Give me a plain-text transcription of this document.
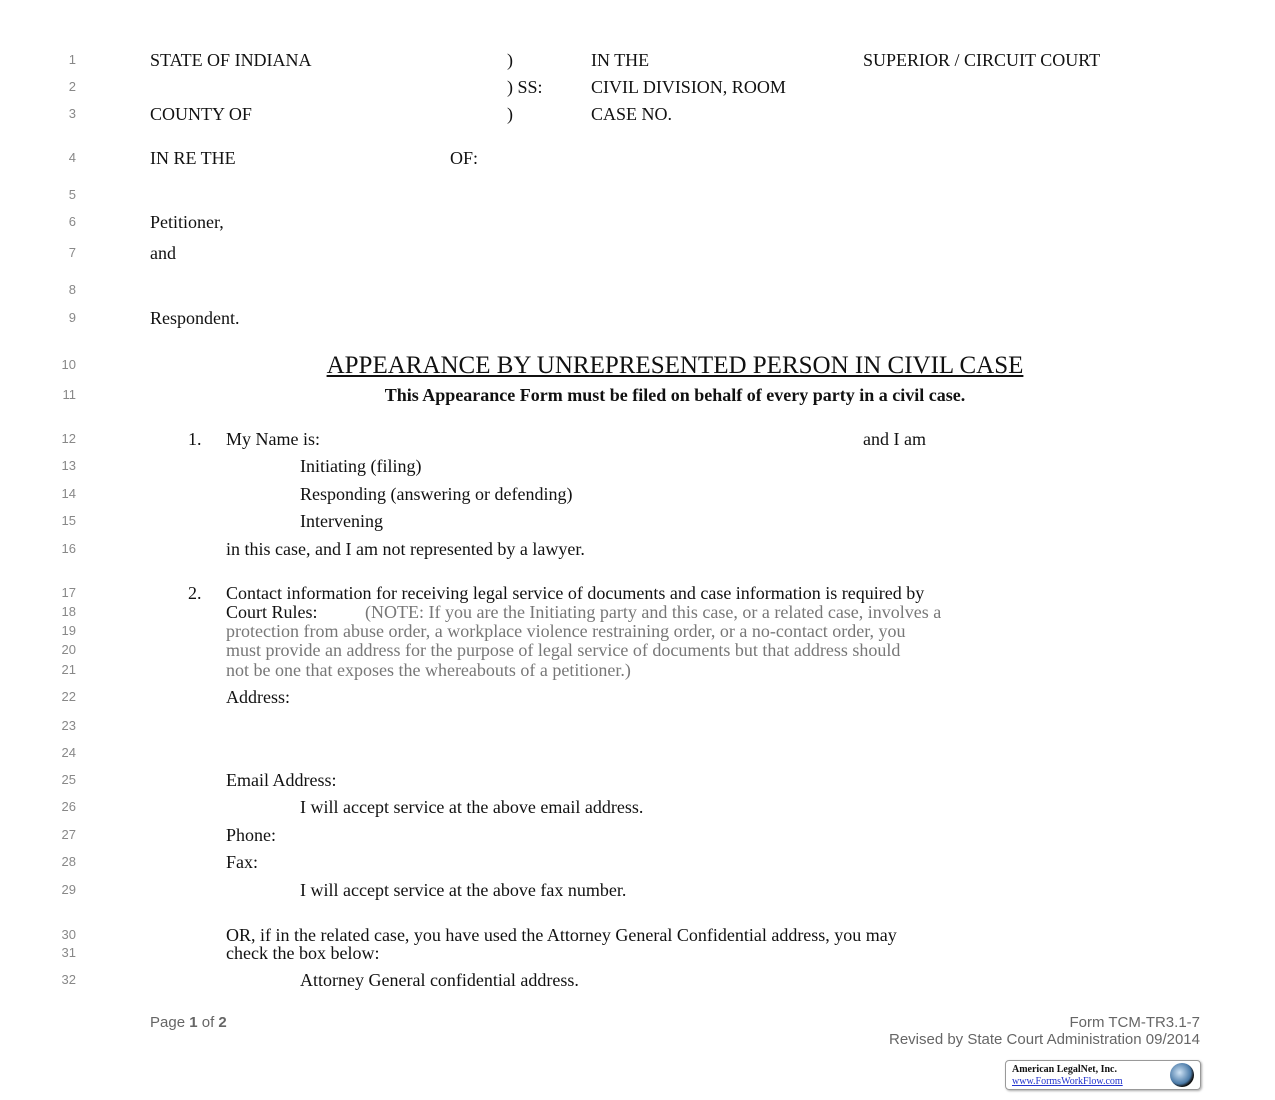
1
2
3
4
5
6
7
8
9
10
11
12
13
14
15
16
17
18
19
20
21
22
23
24
25
26
27
28
29
30
31
32
STATE OF INDIANA	)	IN THE	SUPERIOR / CIRCUIT COURT
) SS:	CIVIL DIVISION, ROOM
COUNTY OF	)	CASE NO.
IN RE THE	OF:
Petitioner,
and
Respondent.
APPEARANCE BY UNREPRESENTED PERSON IN CIVIL CASE
This Appearance Form must be filed on behalf of every party in a civil case.
1. My Name is:	and I am
Initiating (filing)
Responding (answering or defending)
Intervening
in this case, and I am not represented by a lawyer.
2. Contact information for receiving legal service of documents and case information is required by
Court Rules:	(NOTE: If you are the Initiating party and this case, or a related case, involves a
protection from abuse order, a workplace violence restraining order, or a no-contact order, you
must provide an address for the purpose of legal service of documents but that address should
not be one that exposes the whereabouts of a petitioner.)
Address:
Email Address:
I will accept service at the above email address.
Phone:
Fax:
I will accept service at the above fax number.
OR, if in the related case, you have used the Attorney General Confidential address, you may
check the box below:
Attorney General confidential address.
Page 1 of 2	Form TCM-TR3.1-7
Revised by State Court Administration 09/2014
American LegalNet, Inc.
www.FormsWorkFlow.com
